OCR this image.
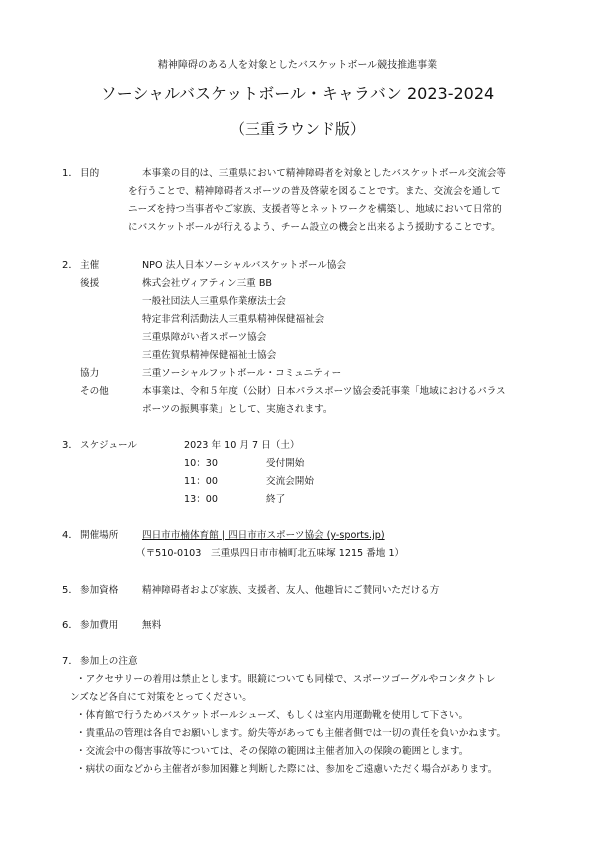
精神障碍のある人を対象としたバスケットボール競技推進事業
ソーシャルバスケットボール・キャラバン 2023-2024
（三重ラウンド版）
1． 目的	本事業の目的は、三重県において精神障碍者を対象としたバスケットボール交流会等
を行うことで、精神障碍者スポーツの普及啓蒙を図ることです。また、交流会を通して
ニーズを持つ当事者やご家族、支援者等とネットワークを構築し、地域において日常的
にバスケットボールが行えるよう、チーム設立の機会と出来るよう援助することです。
2． 主催	NPO 法人日本ソーシャルバスケットボール協会
後援	株式会社ヴィアティン三重 BB
一般社団法人三重県作業療法士会
特定非営利活動法人三重県精神保健福祉会
三重県障がい者スポーツ協会
三重佐賀県精神保健福祉士協会
協力	三重ソーシャルフットボール・コミュニティー
その他	本事業は、令和５年度（公財）日本パラスポーツ協会委託事業「地域におけるパラス
ポーツの振興事業」として、実施されます。
3． スケジュール	2023 年 10 月 7 日（土）
10：30	受付開始
11：00	交流会開始
13：00	終了
4． 開催場所 四日市市楠体育館 | 四日市市スポーツ協会 (y-sports.jp)
（〒510-0103　三重県四日市市楠町北五味塚 1215 番地 1）
5． 参加資格 精神障碍者および家族、支援者、友人、他趣旨にご賛同いただける方
6． 参加費用 無料
7． 参加上の注意
・アクセサリーの着用は禁止とします。眼鏡についても同様で、スポーツゴーグルやコンタクトレ
ンズなど各自にて対策をとってください。
・体育館で行うためバスケットボールシューズ、もしくは室内用運動靴を使用して下さい。
・貴重品の管理は各自でお願いします。紛失等があっても主催者側では一切の責任を負いかねます。
・交流会中の傷害事故等については、その保障の範囲は主催者加入の保険の範囲とします。
・病状の面などから主催者が参加困難と判断した際には、参加をご遠慮いただく場合があります。
